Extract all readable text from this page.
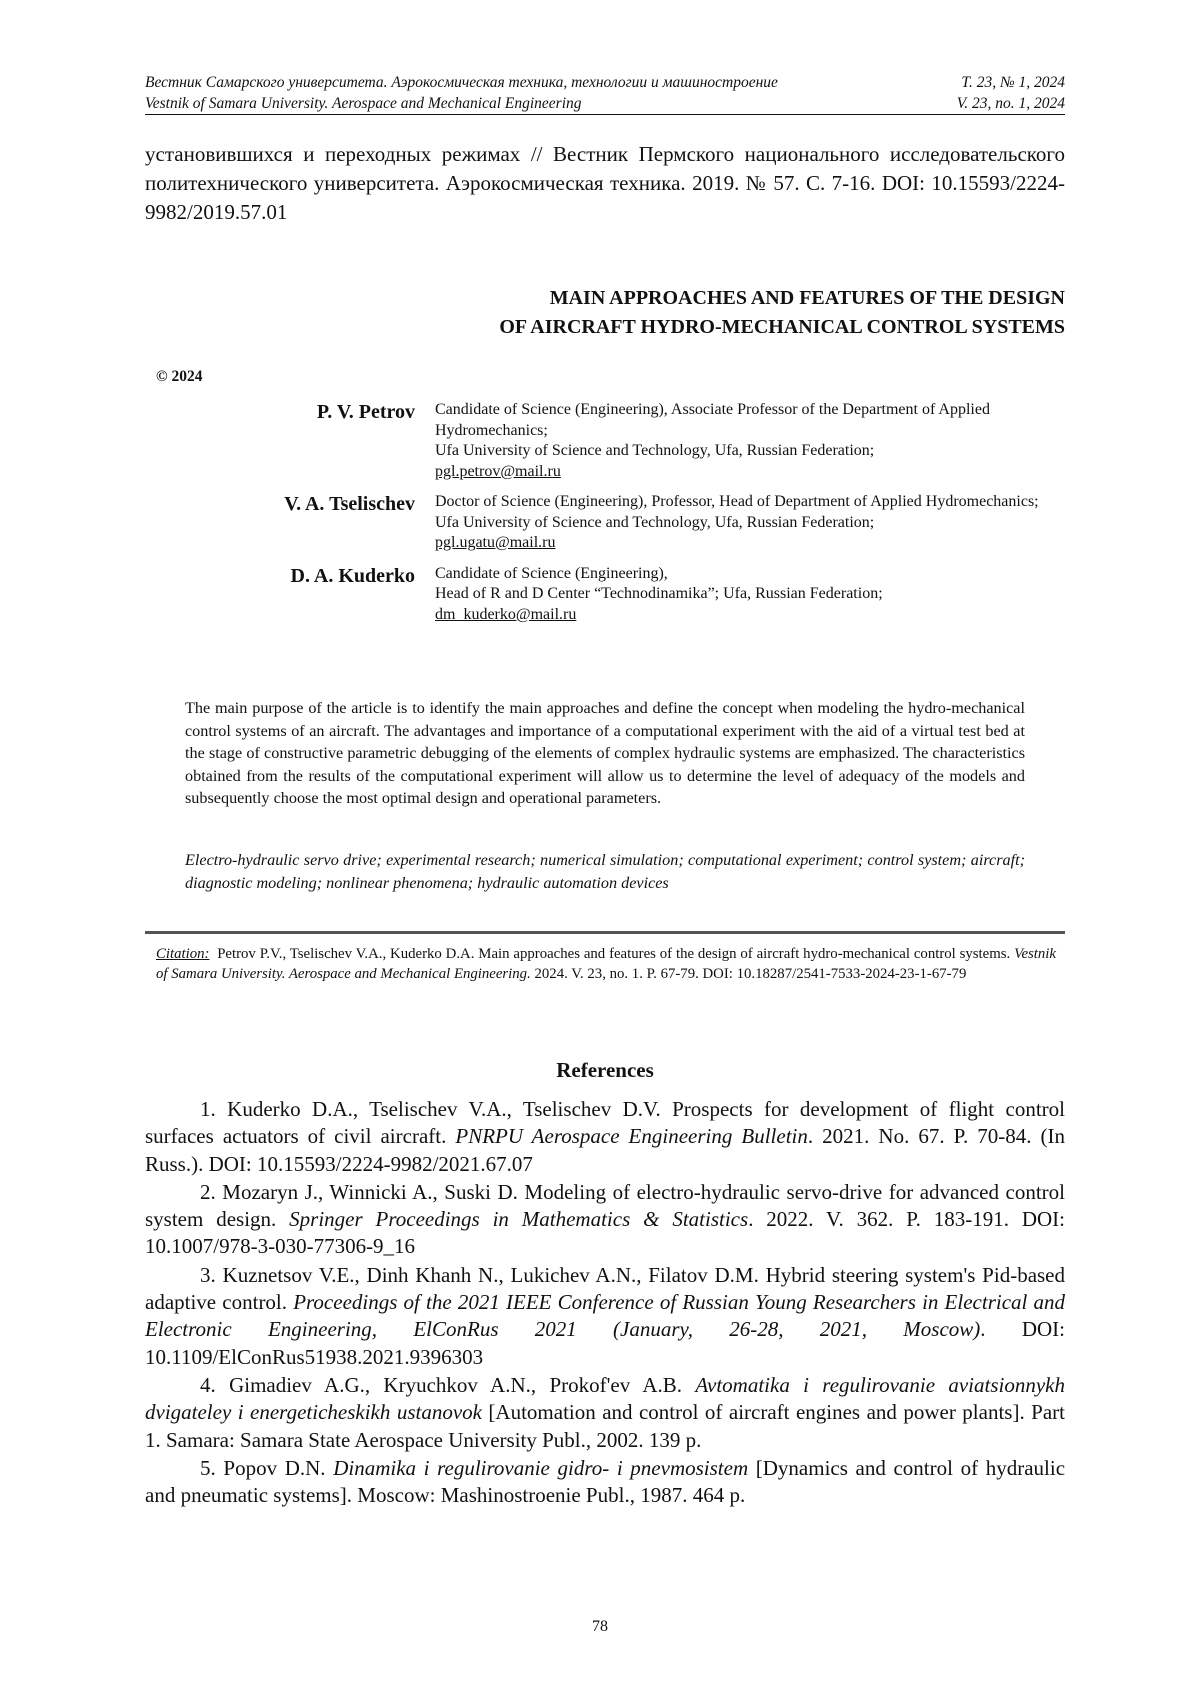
Вестник Самарского университета. Аэрокосмическая техника, технологии и машиностроение	Т. 23, № 1, 2024
Vestnik of Samara University. Aerospace and Mechanical Engineering	V. 23, no. 1, 2024
установившихся и переходных режимах // Вестник Пермского национального исследовательского политехнического университета. Аэрокосмическая техника. 2019. № 57. С. 7-16. DOI: 10.15593/2224-9982/2019.57.01
MAIN APPROACHES AND FEATURES OF THE DESIGN
OF AIRCRAFT HYDRO-MECHANICAL CONTROL SYSTEMS
© 2024
P. V. Petrov	Candidate of Science (Engineering), Associate Professor of the Department of Applied Hydromechanics;
Ufa University of Science and Technology, Ufa, Russian Federation;
pgl.petrov@mail.ru
V. A. Tselischev	Doctor of Science (Engineering), Professor, Head of Department of Applied Hydromechanics;
Ufa University of Science and Technology, Ufa, Russian Federation;
pgl.ugatu@mail.ru
D. A. Kuderko	Candidate of Science (Engineering),
Head of R and D Center “Technodinamika”; Ufa, Russian Federation;
dm_kuderko@mail.ru
The main purpose of the article is to identify the main approaches and define the concept when modeling the hydro-mechanical control systems of an aircraft. The advantages and importance of a computational experiment with the aid of a virtual test bed at the stage of constructive parametric debugging of the elements of complex hydraulic systems are emphasized. The characteristics obtained from the results of the computational experiment will allow us to determine the level of adequacy of the models and subsequently choose the most optimal design and operational parameters.
Electro-hydraulic servo drive; experimental research; numerical simulation; computational experiment; control system; aircraft; diagnostic modeling; nonlinear phenomena; hydraulic automation devices
Citation: Petrov P.V., Tselischev V.A., Kuderko D.A. Main approaches and features of the design of aircraft hydro-mechanical control systems. Vestnik of Samara University. Aerospace and Mechanical Engineering. 2024. V. 23, no. 1. P. 67-79. DOI: 10.18287/2541-7533-2024-23-1-67-79
References

1. Kuderko D.A., Tselischev V.A., Tselischev D.V. Prospects for development of flight control surfaces actuators of civil aircraft. PNRPU Aerospace Engineering Bulletin. 2021. No. 67. P. 70-84. (In Russ.). DOI: 10.15593/2224-9982/2021.67.07

2. Mozaryn J., Winnicki A., Suski D. Modeling of electro-hydraulic servo-drive for advanced control system design. Springer Proceedings in Mathematics & Statistics. 2022. V. 362. P. 183-191. DOI: 10.1007/978-3-030-77306-9_16

3. Kuznetsov V.E., Dinh Khanh N., Lukichev A.N., Filatov D.M. Hybrid steering system's Pid-based adaptive control. Proceedings of the 2021 IEEE Conference of Russian Young Researchers in Electrical and Electronic Engineering, ElConRus 2021 (January, 26-28, 2021, Moscow). DOI: 10.1109/ElConRus51938.2021.9396303

4. Gimadiev A.G., Kryuchkov A.N., Prokof'ev A.B. Avtomatika i regulirovanie aviatsionnykh dvigateley i energeticheskikh ustanovok [Automation and control of aircraft engines and power plants]. Part 1. Samara: Samara State Aerospace University Publ., 2002. 139 p.

5. Popov D.N. Dinamika i regulirovanie gidro- i pnevmosistem [Dynamics and control of hydraulic and pneumatic systems]. Moscow: Mashinostroenie Publ., 1987. 464 p.

78
